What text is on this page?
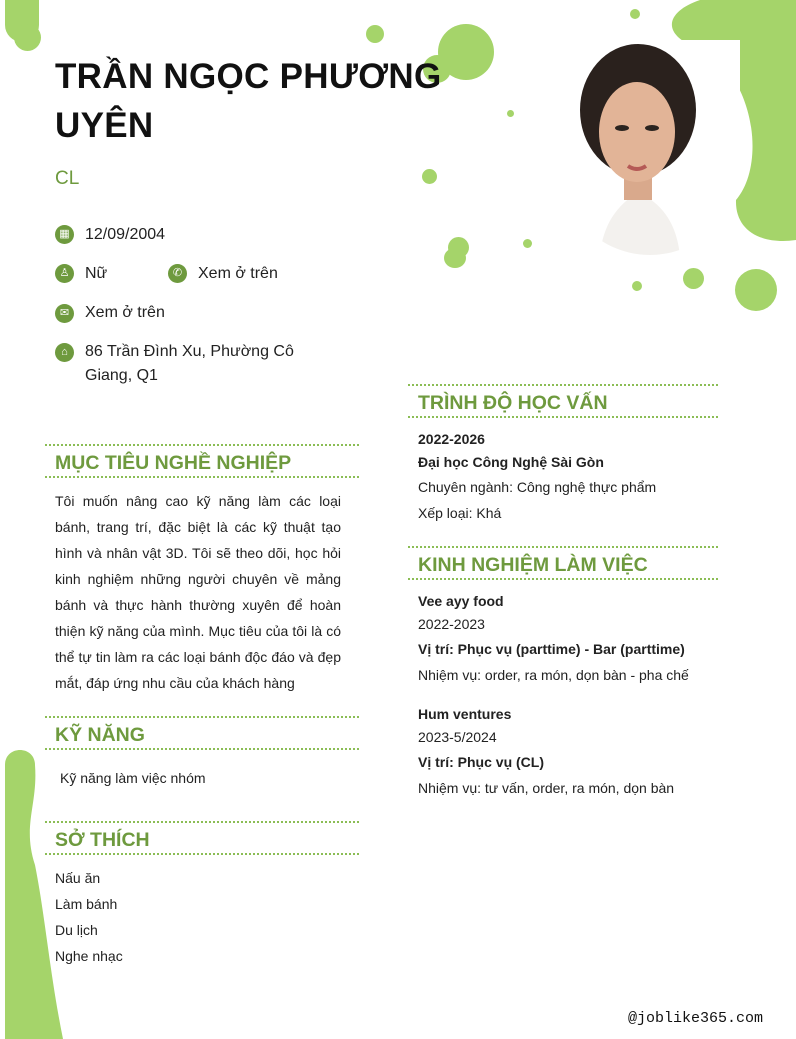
TRẦN NGỌC PHƯƠNG UYÊN
CL
▦ 12/09/2004
♙ Nữ	✆ Xem ở trên
✉ Xem ở trên
⌂	86 Trần Đình Xu, Phường Cô Giang, Q1
MỤC TIÊU NGHỀ NGHIỆP
Tôi muốn nâng cao kỹ năng làm các loại bánh, trang trí, đặc biệt là các kỹ thuật tạo hình và nhân vật 3D. Tôi sẽ theo dõi, học hỏi kinh nghiệm những người chuyên về mảng bánh và thực hành thường xuyên để hoàn thiện kỹ năng của mình. Mục tiêu của tôi là có thể tự tin làm ra các loại bánh độc đáo và đẹp mắt, đáp ứng nhu cầu của khách hàng
KỸ NĂNG
Kỹ năng làm việc nhóm
SỞ THÍCH
Nấu ăn
Làm bánh
Du lịch
Nghe nhạc
TRÌNH ĐỘ HỌC VẤN
2022-2026
Đại học Công Nghệ Sài Gòn
Chuyên ngành: Công nghệ thực phẩm
Xếp loại: Khá
KINH NGHIỆM LÀM VIỆC
Vee ayy food
2022-2023
Vị trí: Phục vụ (parttime) - Bar (parttime)
Nhiệm vụ: order, ra món, dọn bàn - pha chế
Hum ventures
2023-5/2024
Vị trí: Phục vụ (CL)
Nhiệm vụ: tư vấn, order, ra món, dọn bàn
@joblike365.com
